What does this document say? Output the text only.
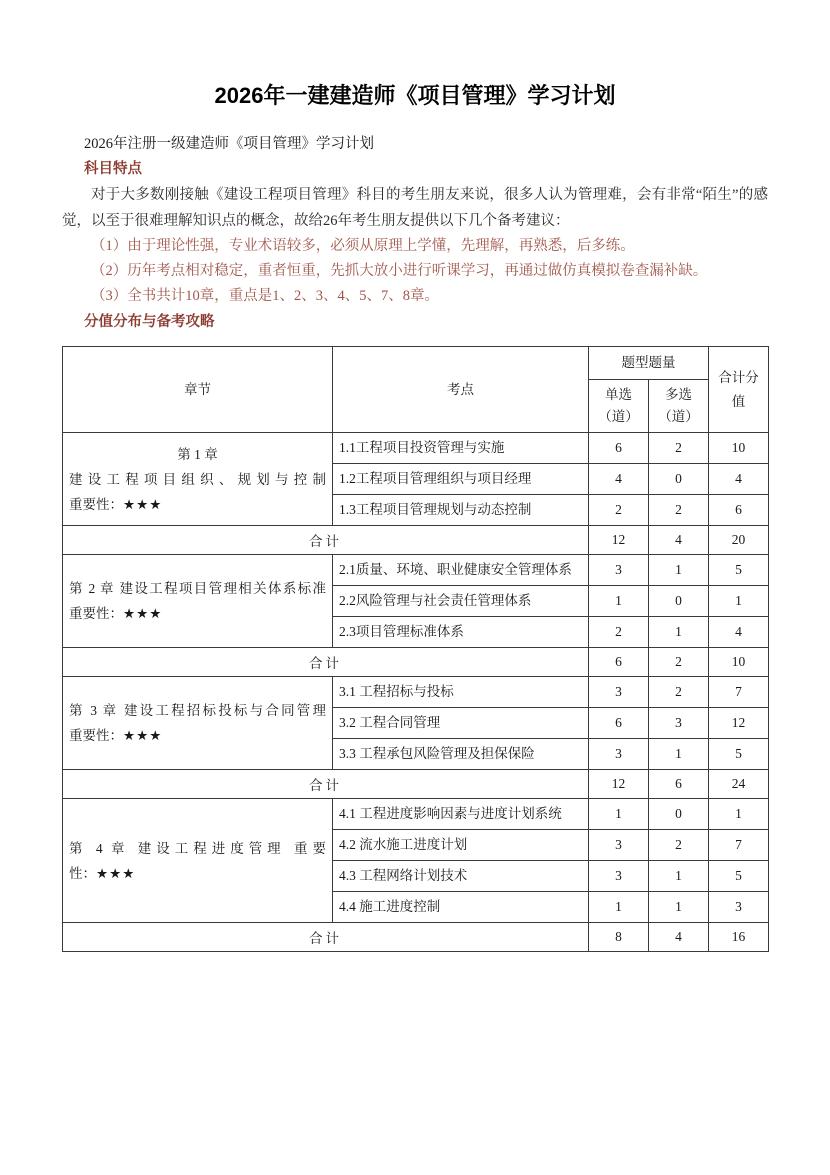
2026年一建建造师《项目管理》学习计划
2026年注册一级建造师《项目管理》学习计划
科目特点
对于大多数刚接触《建设工程项目管理》科目的考生朋友来说，很多人认为管理难，会有非常“陌生”的感觉，以至于很难理解知识点的概念，故给26年考生朋友提供以下几个备考建议：
（1）由于理论性强，专业术语较多，必须从原理上学懂，先理解，再熟悉，后多练。
（2）历年考点相对稳定，重者恒重，先抓大放小进行听课学习，再通过做仿真模拟卷查漏补缺。
（3）全书共计10章，重点是1、2、3、4、5、7、8章。
分值分布与备考攻略
章节	考点	题型题量		合计分值
		单选（道）	多选（道）	

第 1 章
建设工程项目组织、规划与控制
重要性：★★★	1.1工程项目投资管理与实施	6	2	10
	1.2工程项目管理组织与项目经理	4	0	4
	1.3工程项目管理规划与动态控制	2	2	6
合计		12	4	20

第 2 章 建设工程项目管理相关体系标准
重要性：★★★	2.1质量、环境、职业健康安全管理体系	3	1	5
	2.2风险管理与社会责任管理体系	1	0	1
	2.3项目管理标准体系	2	1	4
合计		6	2	10

第 3 章 建设工程招标投标与合同管理
重要性：★★★	3.1 工程招标与投标	3	2	7
	3.2 工程合同管理	6	3	12
	3.3 工程承包风险管理及担保保险	3	1	5
合计		12	6	24

第 4 章 建设工程进度管理 重要
性：★★★	4.1 工程进度影响因素与进度计划系统	1	0	1
	4.2 流水施工进度计划	3	2	7
	4.3 工程网络计划技术	3	1	5
	4.4 施工进度控制	1	1	3
合计		8	4	16
